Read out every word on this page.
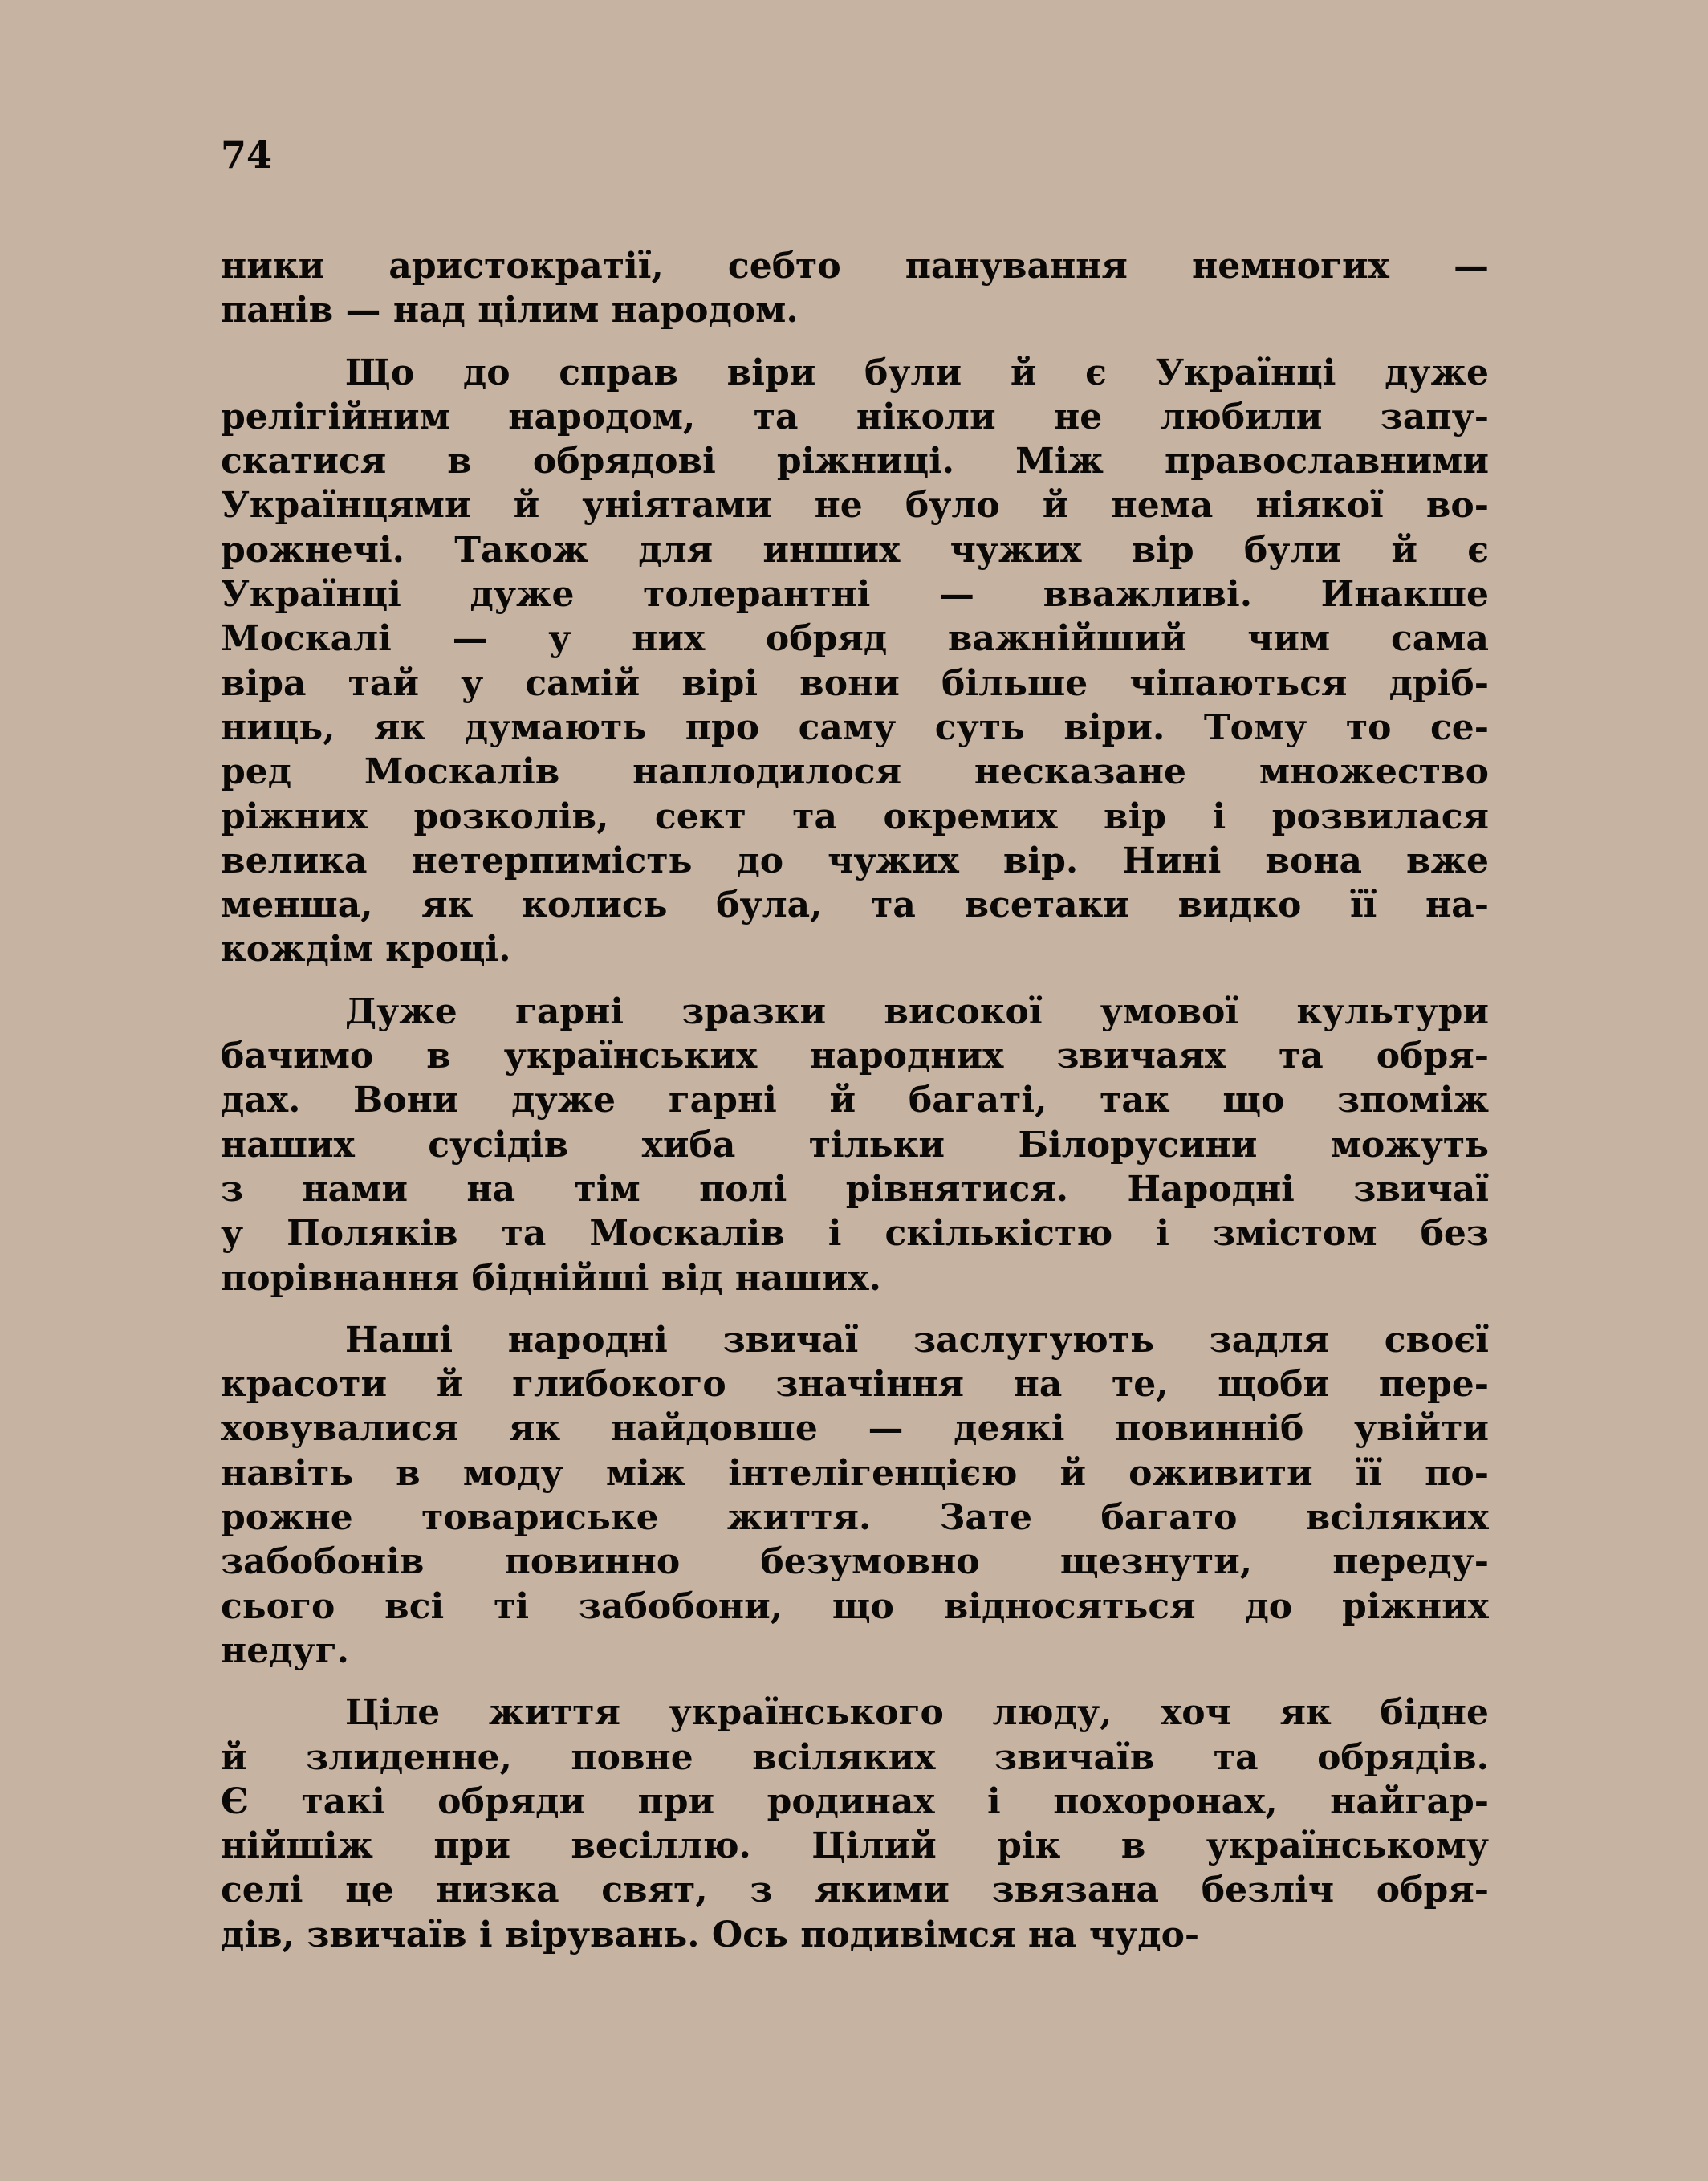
74

ники аристократії, себто панування немногих —
панів — над цілим народом.

Що до справ віри були й є Українці дуже
релігійним народом, та ніколи не любили запу-
скатися в обрядові ріжниці. Між православними
Українцями й уніятами не було й нема ніякої во-
рожнечі. Також для инших чужих вір були й є
Українці дуже толерантні — вважливі. Инакше
Москалі — у них обряд важнійший чим сама
віра тай у самій вірі вони більше чіпаються дріб-
ниць, як думають про саму суть віри. Тому то се-
ред Москалів наплодилося несказане множество
ріжних розколів, сект та окремих вір і розвилася
велика нетерпимість до чужих вір. Нині вона вже
менша, як колись була, та всетаки видко її на-
кождім кроці.

Дуже гарні зразки високої умової культури
бачимо в українських народних звичаях та обря-
дах. Вони дуже гарні й багаті, так що зпоміж
наших сусідів хиба тільки Білорусини можуть
з нами на тім полі рівнятися. Народні звичаї
у Поляків та Москалів і скількістю і змістом без
порівнання біднійші від наших.

Наші народні звичаї заслугують задля своєї
красоти й глибокого значіння на те, щоби пере-
ховувалися як найдовше — деякі повинніб увійти
навіть в моду між інтелігенцією й оживити її по-
рожне товариське життя. Зате багато всіляких
забобонів повинно безумовно щезнути, переду-
сього всі ті забобони, що відносяться до ріжних
недуг.

Ціле життя українського люду, хоч як бідне
й злиденне, повне всіляких звичаїв та обрядів.
Є такі обряди при родинах і похоронах, найгар-
нійшіж при весіллю. Цілий рік в українському
селі це низка свят, з якими звязана безліч обря-
дів, звичаїв і вірувань. Ось подивімся на чудо-
